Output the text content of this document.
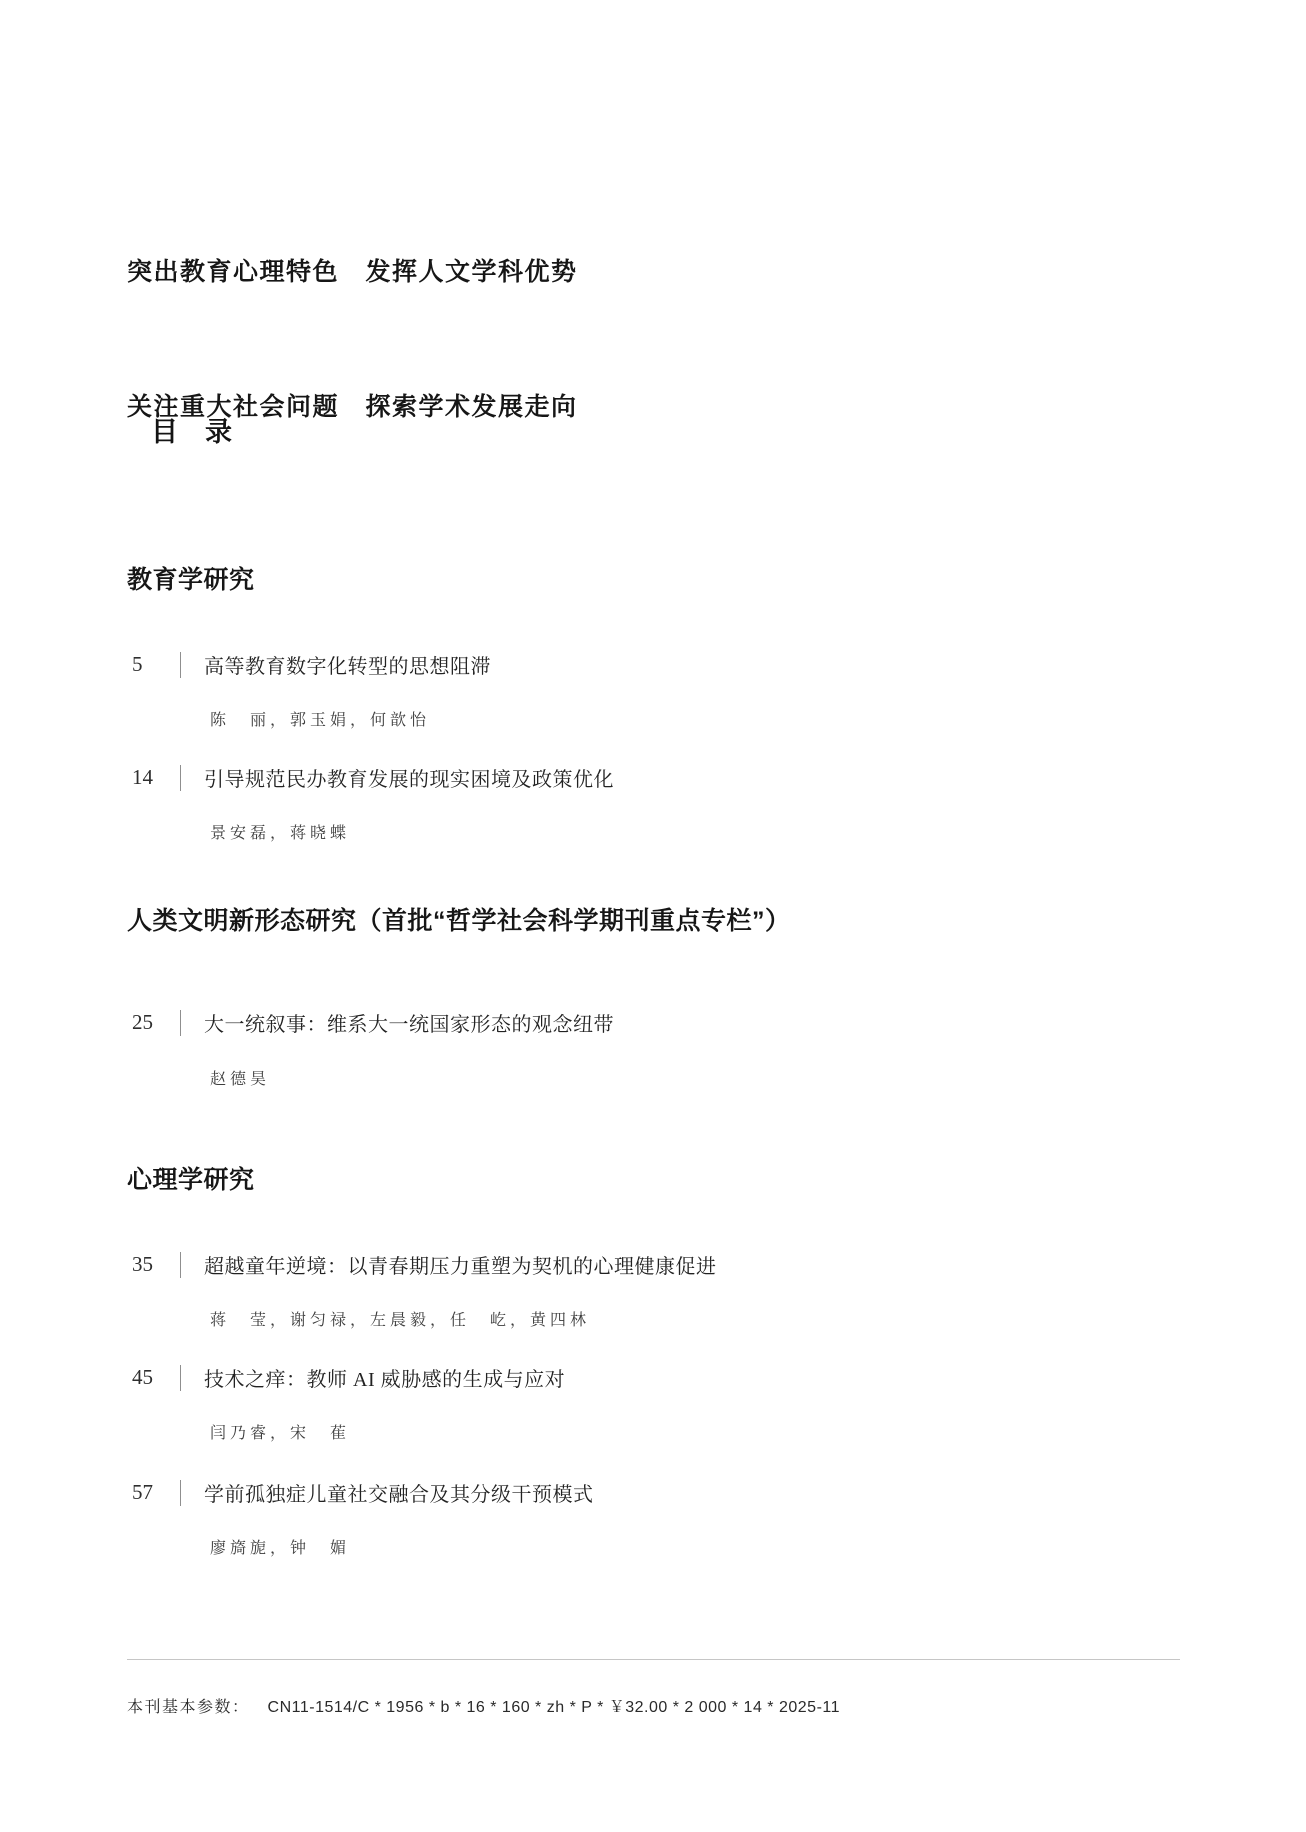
突出教育心理特色　发挥人文学科优势

关注重大社会问题　探索学术发展走向

目　录
教育学研究
5	高等教育数字化转型的思想阻滞
陈　丽，郭玉娟，何歆怡
14	引导规范民办教育发展的现实困境及政策优化
景安磊，蒋晓蝶
人类文明新形态研究（首批“哲学社会科学期刊重点专栏”）
25	大一统叙事：维系大一统国家形态的观念纽带
赵德昊
心理学研究
35	超越童年逆境：以青春期压力重塑为契机的心理健康促进
蒋　莹，谢匀禄，左晨毅，任　屹，黄四林
45	技术之痒：教师 AI 威胁感的生成与应对
闫乃睿，宋　萑
57	学前孤独症儿童社交融合及其分级干预模式
廖旖旎，钟　媚
本刊基本参数： CN11-1514/C * 1956 * b * 16 * 160 * zh * P * ￥32.00 * 2 000 * 14 * 2025-11
